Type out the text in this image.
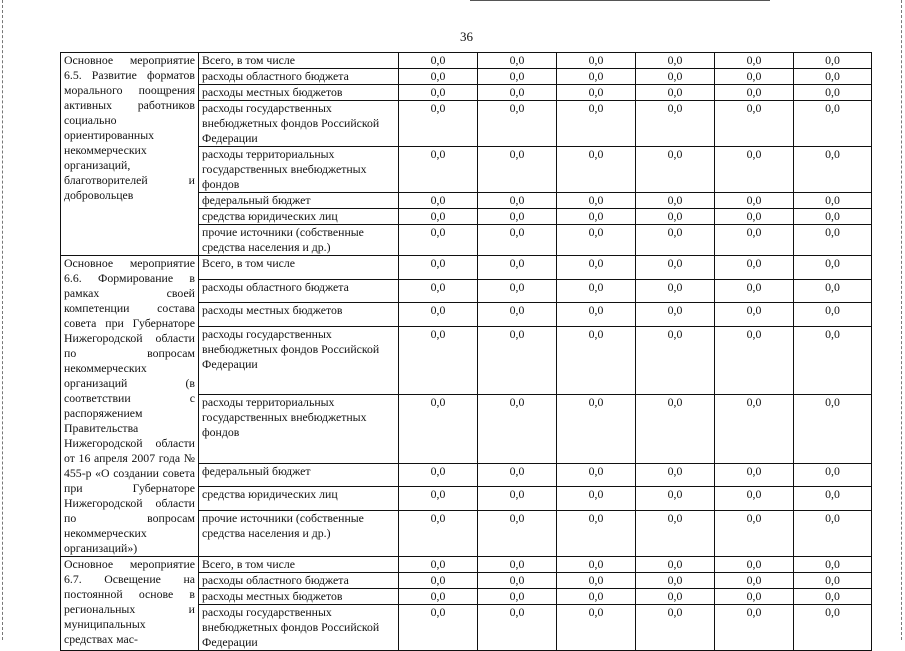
36
Основное мероприятие 6.5. Развитие форматов морального поощрения активных работников социально ориентированных некоммерческих организаций, благотворителей и добровольцев	Всего, в том числе	0,0	0,0	0,0	0,0	0,0	0,0
	расходы областного бюджета	0,0	0,0	0,0	0,0	0,0	0,0
	расходы местных бюджетов	0,0	0,0	0,0	0,0	0,0	0,0
	расходы государственных внебюджетных фондов Российской Федерации	0,0	0,0	0,0	0,0	0,0	0,0
	расходы территориальных государственных внебюджетных фондов	0,0	0,0	0,0	0,0	0,0	0,0
	федеральный бюджет	0,0	0,0	0,0	0,0	0,0	0,0
	средства юридических лиц	0,0	0,0	0,0	0,0	0,0	0,0
	прочие источники (собственные средства населения и др.)	0,0	0,0	0,0	0,0	0,0	0,0
Основное мероприятие 6.6. Формирование в рамках своей компетенции состава совета при Губернаторе Нижегородской области по вопросам некоммерческих организаций (в соответствии с распоряжением Правительства Нижегородской области от 16 апреля 2007 года № 455-р «О создании совета при Губернаторе Нижегородской области по вопросам некоммерческих организаций»)	Всего, в том числе	0,0	0,0	0,0	0,0	0,0	0,0
	расходы областного бюджета	0,0	0,0	0,0	0,0	0,0	0,0
	расходы местных бюджетов	0,0	0,0	0,0	0,0	0,0	0,0
	расходы государственных внебюджетных фондов Российской Федерации	0,0	0,0	0,0	0,0	0,0	0,0
	расходы территориальных государственных внебюджетных фондов	0,0	0,0	0,0	0,0	0,0	0,0
	федеральный бюджет	0,0	0,0	0,0	0,0	0,0	0,0
	средства юридических лиц	0,0	0,0	0,0	0,0	0,0	0,0
	прочие источники (собственные средства населения и др.)	0,0	0,0	0,0	0,0	0,0	0,0
Основное мероприятие 6.7. Освещение на постоянной основе в региональных и муниципальных средствах мас-	Всего, в том числе	0,0	0,0	0,0	0,0	0,0	0,0
	расходы областного бюджета	0,0	0,0	0,0	0,0	0,0	0,0
	расходы местных бюджетов	0,0	0,0	0,0	0,0	0,0	0,0
	расходы государственных внебюджетных фондов Российской Федерации	0,0	0,0	0,0	0,0	0,0	0,0
